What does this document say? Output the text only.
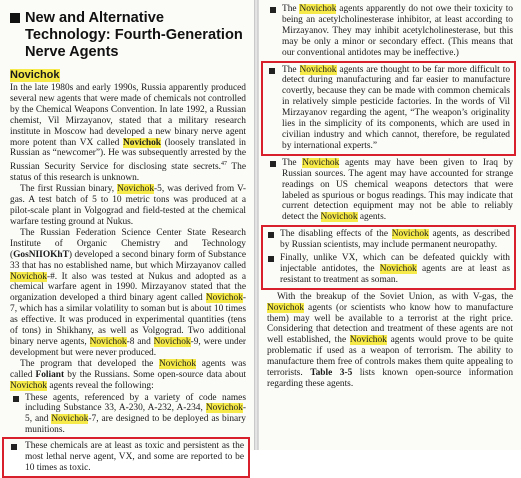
New and Alternative Technology: Fourth-Generation Nerve Agents
Novichok

In the late 1980s and early 1990s, Russia apparently produced several new agents that were made of chemicals not controlled by the Chemical Weapons Convention. In late 1992, a Russian chemist, Vil Mirzayanov, stated that a military research institute in Moscow had developed a new binary nerve agent more potent than VX called Novichok (loosely translated in Russian as “newcomer”). He was subsequently arrested by the Russian Security Service for disclosing state secrets.$^{47}$ The status of this research is unknown.

The first Russian binary, Novichok-5, was derived from V-gas. A test batch of 5 to 10 metric tons was produced at a pilot-scale plant in Volgograd and field-tested at the chemical warfare testing ground at Nukus.

The Russian Federation Science Center State Research Institute of Organic Chemistry and Technology (GosNIIOKhT) developed a second binary form of Substance 33 that has no established name, but which Mirzayanov called Novichok-#. It also was tested at Nukus and adopted as a chemical warfare agent in 1990. Mirzayanov stated that the organization developed a third binary agent called Novichok-7, which has a similar volatility to soman but is about 10 times as effective. It was produced in experimental quantities (tens of tons) in Shikhany, as well as Volgograd. Two additional binary nerve agents, Novichok-8 and Novichok-9, were under development but were never produced.

The program that developed the Novichok agents was called Foliant by the Russians. Some open-source data about Novichok agents reveal the following:

These agents, referenced by a variety of code names including Substance 33, A-230, A-232, A-234, Novichok-5, and Novichok-7, are designed to be deployed as binary munitions.
These chemicals are at least as toxic and persistent as the most lethal nerve agent, VX, and some are reported to be 10 times as toxic.
The Novichok agents apparently do not owe their toxicity to being an acetylcholinesterase inhibitor, at least according to Mirzayanov. They may inhibit acetylcholinesterase, but this may be only a minor or secondary effect. (This means that our conventional antidotes may be ineffective.)
The Novichok agents are thought to be far more difficult to detect during manufacturing and far easier to manufacture covertly, because they can be made with common chemicals in relatively simple pesticide factories. In the words of Vil Mirzayanov regarding the agent, “The weapon’s originality lies in the simplicity of its components, which are used in civilian industry and which cannot, therefore, be regulated by international experts.”
The Novichok agents may have been given to Iraq by Russian sources. The agent may have accounted for strange readings on US chemical weapons detectors that were labeled as spurious or bogus readings. This may indicate that current detection equipment may not be able to reliably detect the Novichok agents.
The disabling effects of the Novichok agents, as described by Russian scientists, may include permanent neuropathy.
Finally, unlike VX, which can be defeated quickly with injectable antidotes, the Novichok agents are at least as resistant to treatment as soman.

With the breakup of the Soviet Union, as with V-gas, the Novichok agents (or scientists who know how to manufacture them) may well be available to a terrorist at the right price. Considering that detection and treatment of these agents are not well established, the Novichok agents would prove to be quite problematic if used as a weapon of terrorism. The ability to manufacture them free of controls makes them quite appealing to terrorists. Table 3-5 lists known open-source information regarding these agents.
